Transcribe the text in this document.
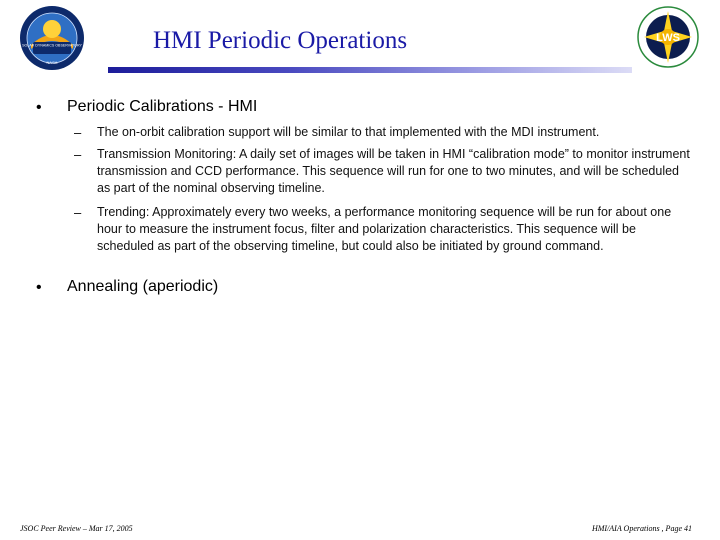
SOLAR DYNAMICS OBSERVATORY
NASA
HMI Periodic Operations	LWS
• Periodic Calibrations - HMI
– The on-orbit calibration support will be similar to that implemented with the MDI instrument.
– Transmission Monitoring: A daily set of images will be taken in HMI “calibration mode” to monitor instrument transmission and CCD performance. This sequence will run for one to two minutes, and will be scheduled as part of the nominal observing timeline.
– Trending: Approximately every two weeks, a performance monitoring sequence will be run for about one hour to measure the instrument focus, filter and polarization characteristics. This sequence will be scheduled as part of the observing timeline, but could also be initiated by ground command.
• Annealing (aperiodic)
JSOC Peer Review – Mar 17, 2005	HMI/AIA Operations , Page 41
